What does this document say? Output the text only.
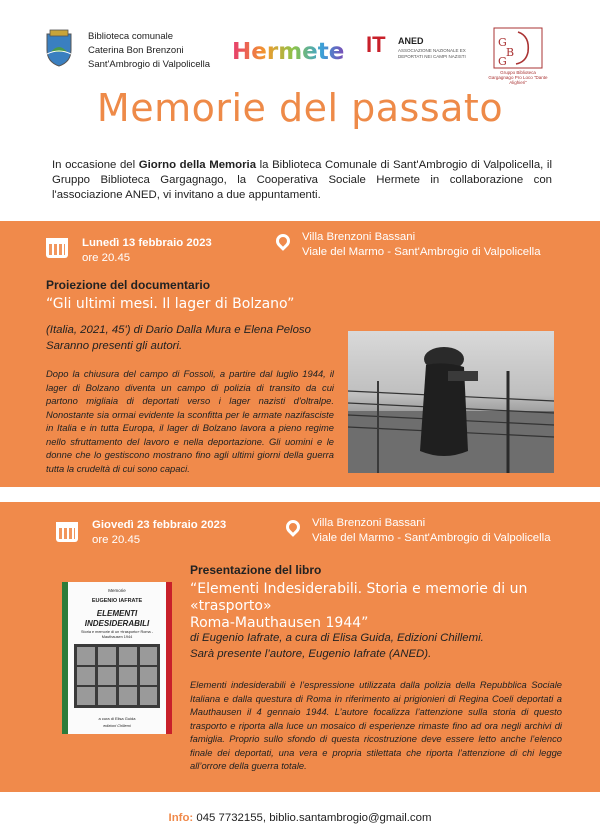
Biblioteca comunale
Caterina Bon Brenzoni
Sant'Ambrogio di Valpolicella Hermete IT ANED
ASSOCIAZIONE NAZIONALE EX DEPORTATI NEI CAMPI NAZISTI
G
B
G
Gruppo Biblioteca Gargagnago Pro Loco "Dante Alighieri"
Memorie del passato
In occasione del Giorno della Memoria la Biblioteca Comunale di Sant'Ambrogio di Valpolicella, il Gruppo Biblioteca Gargagnago, la Cooperativa Sociale Hermete in collaborazione con l'associazione ANED, vi invitano a due appuntamenti.
Lunedì 13 febbraio 2023
ore 20.45
Villa Brenzoni Bassani
Viale del Marmo - Sant'Ambrogio di Valpolicella
Proiezione del documentario
“Gli ultimi mesi. Il lager di Bolzano”
(Italia, 2021, 45') di Dario Dalla Mura e Elena Peloso
Saranno presenti gli autori.
Dopo la chiusura del campo di Fossoli, a partire dal luglio 1944, il lager di Bolzano diventa un campo di polizia di transito da cui partono migliaia di deportati verso i lager nazisti d'oltralpe. Nonostante sia ormai evidente la sconfitta per le armate nazifasciste in Italia e in tutta Europa, il lager di Bolzano lavora a pieno regime nello sfruttamento del lavoro e nella deportazione. Gli uomini e le donne che lo gestiscono mostrano fino agli ultimi giorni della guerra tutta la crudeltà di cui sono capaci.
Giovedì 23 febbraio 2023
ore 20.45
Villa Brenzoni Bassani
Viale del Marmo - Sant'Ambrogio di Valpolicella
Memorie
EUGENIO IAFRATE
ELEMENTI
INDESIDERABILI
Storia e memorie di un «trasporto» Roma - Mauthausen 1944
a cura di Elisa Guida
edizioni Chillemi
Presentazione del libro
“Elementi Indesiderabili. Storia e memorie di un «trasporto»
Roma-Mauthausen 1944”
di Eugenio Iafrate, a cura di Elisa Guida, Edizioni Chillemi.
Sarà presente l’autore, Eugenio Iafrate (ANED).
Elementi indesiderabili è l’espressione utilizzata dalla polizia della Repubblica Sociale Italiana e dalla questura di Roma in riferimento ai prigionieri di Regina Coeli deportati a Mauthausen il 4 gennaio 1944. L’autore focalizza l’attenzione sulla storia di questo trasporto e riporta alla luce un mosaico di esperienze rimaste fino ad ora negli archivi di famiglia. Proprio sullo sfondo di questa ricostruzione deve essere letto anche l’elenco finale dei deportati, una vera e propria stilettata che riporta l’attenzione di chi legge all’orrore della guerra totale.
Info: 045 7732155, biblio.santambrogio@gmail.com
